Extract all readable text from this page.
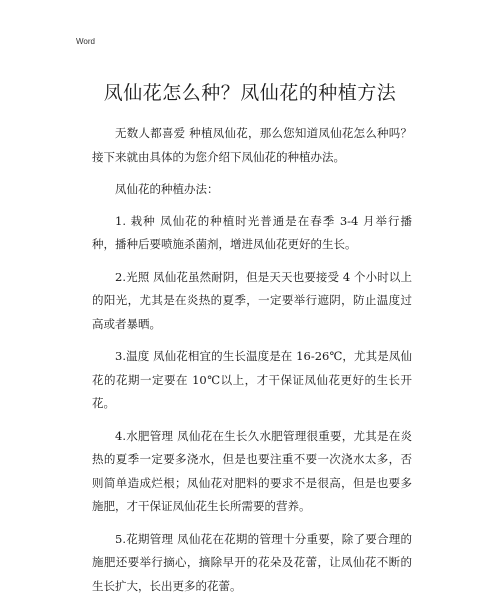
Word
凤仙花怎么种？凤仙花的种植方法

无数人都喜爱 种植凤仙花，那么您知道凤仙花怎么种吗？接下来就由具体的为您介绍下凤仙花的种植办法。

凤仙花的种植办法：

1. 栽种 凤仙花的种植时光普通是在春季 3-4 月举行播种，播种后要喷施杀菌剂，增进凤仙花更好的生长。

2.光照 凤仙花虽然耐阴，但是天天也要接受 4 个小时以上的阳光，尤其是在炎热的夏季，一定要举行遮阴，防止温度过高或者暴晒。

3.温度 凤仙花相宜的生长温度是在 16-26℃，尤其是凤仙花的花期一定要在 10℃以上，才干保证凤仙花更好的生长开花。

4.水肥管理 凤仙花在生长久水肥管理很重要，尤其是在炎热的夏季一定要多浇水，但是也要注重不要一次浇水太多，否则简单造成烂根；凤仙花对肥料的要求不是很高，但是也要多施肥，才干保证凤仙花生长所需要的营养。

5.花期管理 凤仙花在花期的管理十分重要，除了要合理的施肥还要举行摘心，摘除早开的花朵及花蕾，让凤仙花不断的生长扩大，长出更多的花蕾。
